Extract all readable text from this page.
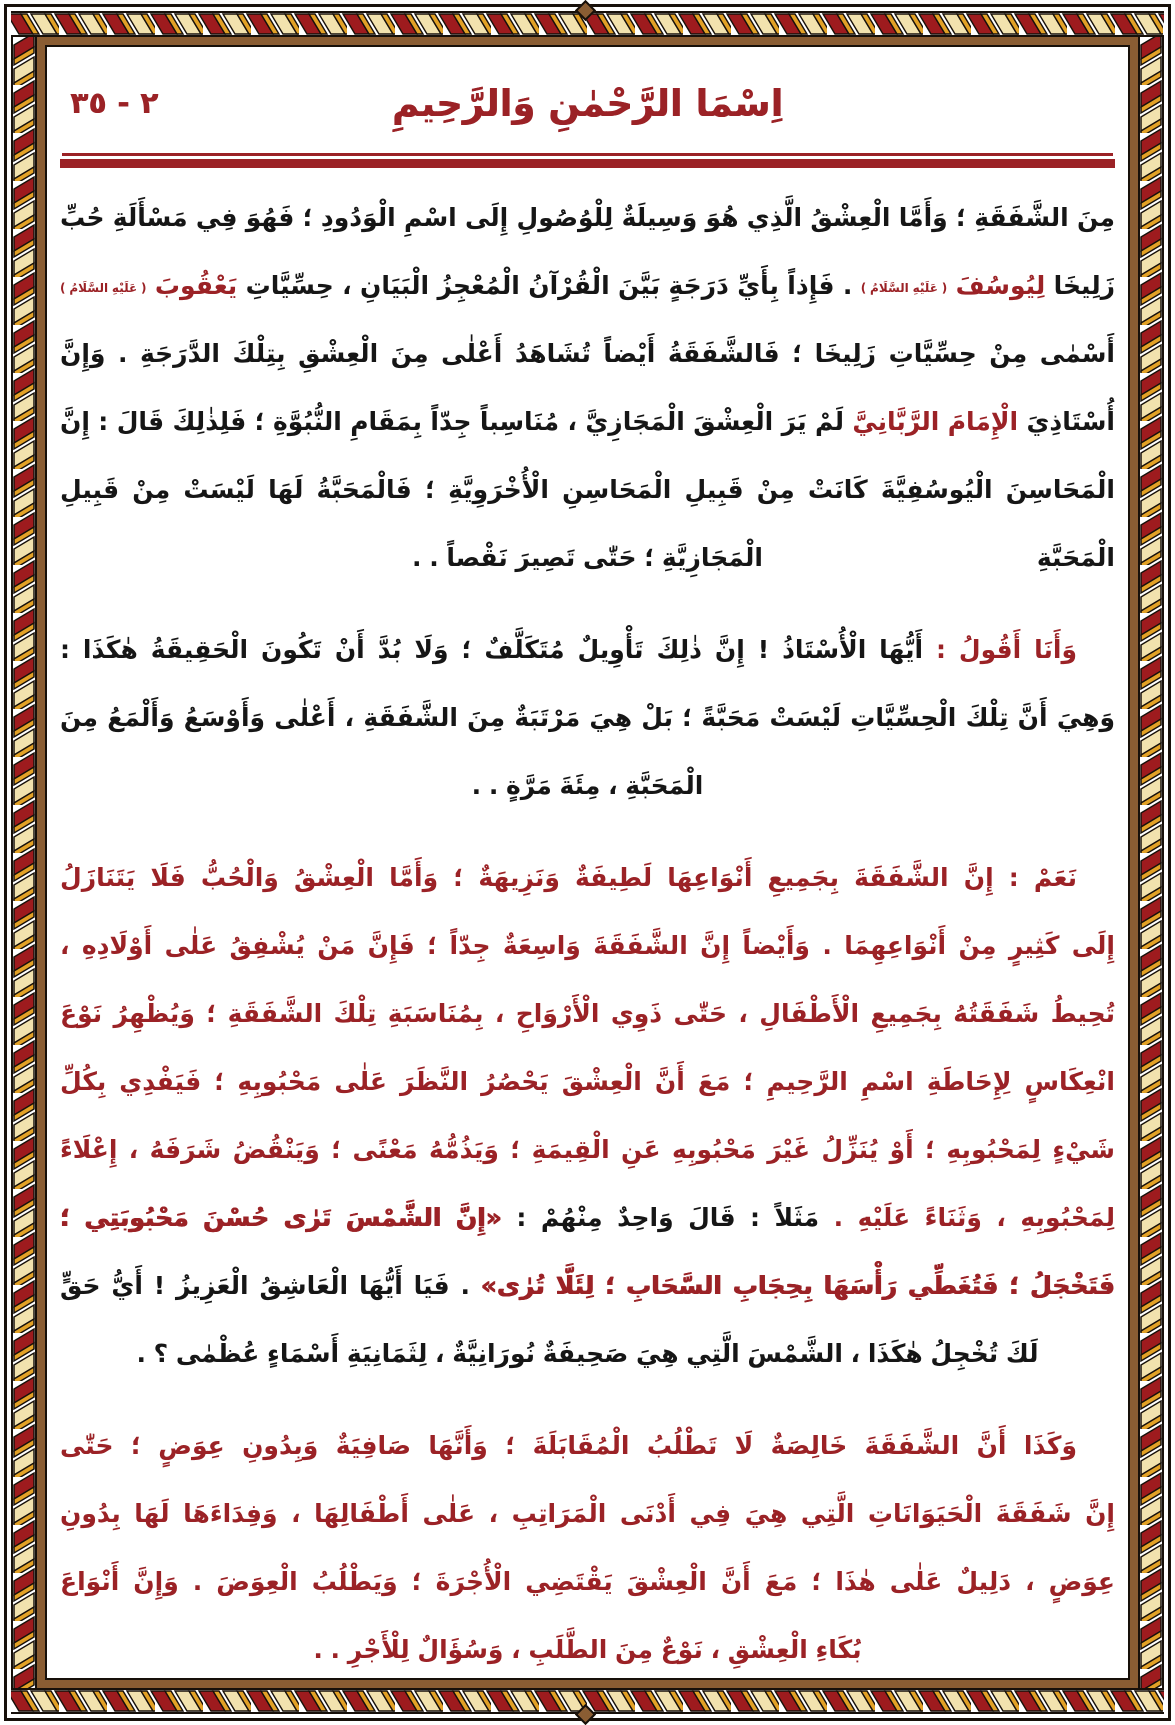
٢ - ٣٥	اِسْمَا الرَّحْمٰنِ وَالرَّحِيمِ
مِنَ الشَّفَقَةِ ؛ وَأَمَّا الْعِشْقُ الَّذِي هُوَ وَسِيلَةٌ لِلْوُصُولِ إِلَى اسْمِ الْوَدُودِ ؛ فَهُوَ فِي مَسْأَلَةِ حُبِّ
زَلِيخَا لِيُوسُفَ ( عَلَيْهِ السَّلَامُ ) . فَإِذاً بِأَيِّ دَرَجَةٍ بَيَّنَ الْقُرْآنُ الْمُعْجِزُ الْبَيَانِ ، حِسِّيَّاتِ يَعْقُوبَ ( عَلَيْهِ السَّلَامُ )
أَسْمٰى مِنْ حِسِّيَّاتِ زَلِيخَا ؛ فَالشَّفَقَةُ أَيْضاً تُشَاهَدُ أَعْلٰى مِنَ الْعِشْقِ بِتِلْكَ الدَّرَجَةِ . وَإِنَّ
أُسْتَاذِيَ الْإِمَامَ الرَّبَّانِيَّ لَمْ يَرَ الْعِشْقَ الْمَجَازِيَّ ، مُنَاسِباً جِدّاً بِمَقَامِ النُّبُوَّةِ ؛ فَلِذٰلِكَ قَالَ : إِنَّ
الْمَحَاسِنَ الْيُوسُفِيَّةَ كَانَتْ مِنْ قَبِيلِ الْمَحَاسِنِ الْأُخْرَوِيَّةِ ؛ فَالْمَحَبَّةُ لَهَا لَيْسَتْ مِنْ قَبِيلِ الْمَحَبَّةِ
الْمَجَازِيَّةِ ؛ حَتّٰى تَصِيرَ نَقْصاً . .
وَأَنَا أَقُولُ : أَيُّهَا الْأُسْتَاذُ ! إِنَّ ذٰلِكَ تَأْوِيلٌ مُتَكَلَّفٌ ؛ وَلَا بُدَّ أَنْ تَكُونَ الْحَقِيقَةُ هٰكَذَا :
وَهِيَ أَنَّ تِلْكَ الْحِسِّيَّاتِ لَيْسَتْ مَحَبَّةً ؛ بَلْ هِيَ مَرْتَبَةٌ مِنَ الشَّفَقَةِ ، أَعْلٰى وَأَوْسَعُ وَأَلْمَعُ مِنَ
الْمَحَبَّةِ ، مِئَةَ مَرَّةٍ . .
نَعَمْ : إِنَّ الشَّفَقَةَ بِجَمِيعِ أَنْوَاعِهَا لَطِيفَةٌ وَنَزِيهَةٌ ؛ وَأَمَّا الْعِشْقُ وَالْحُبُّ فَلَا يَتَنَازَلُ
إِلَى كَثِيرٍ مِنْ أَنْوَاعِهِمَا . وَأَيْضاً إِنَّ الشَّفَقَةَ وَاسِعَةٌ جِدّاً ؛ فَإِنَّ مَنْ يُشْفِقُ عَلٰى أَوْلَادِهِ ،
تُحِيطُ شَفَقَتُهُ بِجَمِيعِ الْأَطْفَالِ ، حَتّٰى ذَوِي الْأَرْوَاحِ ، بِمُنَاسَبَةِ تِلْكَ الشَّفَقَةِ ؛ وَيُظْهِرُ نَوْعَ
انْعِكَاسٍ لِإِحَاطَةِ اسْمِ الرَّحِيمِ ؛ مَعَ أَنَّ الْعِشْقَ يَحْصُرُ النَّظَرَ عَلٰى مَحْبُوبِهِ ؛ فَيَفْدِي بِكُلِّ
شَيْءٍ لِمَحْبُوبِهِ ؛ أَوْ يُنَزِّلُ غَيْرَ مَحْبُوبِهِ عَنِ الْقِيمَةِ ؛ وَيَذُمُّهُ مَعْنًى ؛ وَيَنْقُضُ شَرَفَهُ ، إِعْلَاءً
لِمَحْبُوبِهِ ، وَثَنَاءً عَلَيْهِ . مَثَلاً : قَالَ وَاحِدٌ مِنْهُمْ : «إِنَّ الشَّمْسَ تَرٰى حُسْنَ مَحْبُوبَتِي ؛
فَتَخْجَلُ ؛ فَتُغَطِّي رَأْسَهَا بِحِجَابِ السَّحَابِ ؛ لِئَلَّا تُرٰى» . فَيَا أَيُّهَا الْعَاشِقُ الْعَزِيزُ ! أَيُّ حَقٍّ
لَكَ تُخْجِلُ هٰكَذَا ، الشَّمْسَ الَّتِي هِيَ صَحِيفَةٌ نُورَانِيَّةٌ ، لِثَمَانِيَةِ أَسْمَاءٍ عُظْمٰى ؟ .
وَكَذَا أَنَّ الشَّفَقَةَ خَالِصَةٌ لَا تَطْلُبُ الْمُقَابَلَةَ ؛ وَأَنَّهَا صَافِيَةٌ وَبِدُونِ عِوَضٍ ؛ حَتّٰى
إِنَّ شَفَقَةَ الْحَيَوَانَاتِ الَّتِي هِيَ فِي أَدْنَى الْمَرَاتِبِ ، عَلٰى أَطْفَالِهَا ، وَفِدَاءَهَا لَهَا بِدُونِ
عِوَضٍ ، دَلِيلٌ عَلٰى هٰذَا ؛ مَعَ أَنَّ الْعِشْقَ يَقْتَضِي الْأُجْرَةَ ؛ وَيَطْلُبُ الْعِوَضَ . وَإِنَّ أَنْوَاعَ
بُكَاءِ الْعِشْقِ ، نَوْعٌ مِنَ الطَّلَبِ ، وَسُؤَالٌ لِلْأَجْرِ . .
